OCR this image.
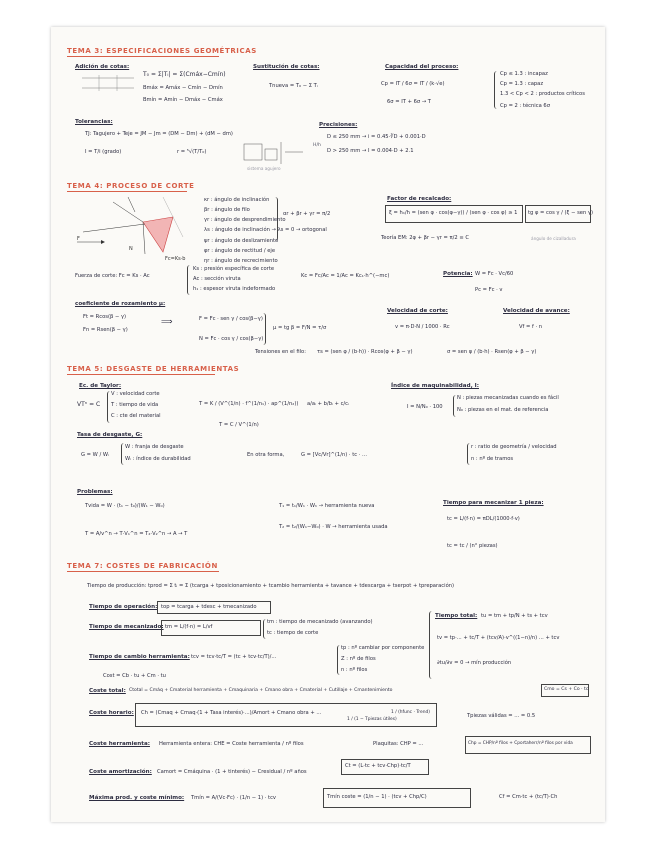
TEMA 3: ESPECIFICACIONES GEOMÉTRICAS
Adición de cotas:
T₀ = Σ|Tᵢ| = Σ(Cmáx−Cmín)
Bmáx = Amáx − Cmín − Dmín
Bmín = Amín − Dmáx − Cmáx
Sustitución de cotas:
Tnueva = T₀ − Σ Tᵢ
Capacidad del proceso:
Cp = IT / 6σ = IT / (k·√e)
Cp ≤ 1.3 : incapaz
Cp = 1.3 : capaz
1.3 < Cp < 2 : productos críticos
Cp = 2 : técnica 6σ
6σ = IT + 6σ → T
Tolerancias:
TJ: Tagujero + Teje = JM − Jm = (DM − Dm) + (dM − dm)
I = T/i (grado)	r = ⁵√(T/T₀)
H/h
sistema agujero
Precisiones:
D ≤ 250 mm → i = 0.45·∛D + 0.001·D
D > 250 mm → I = 0.004·D + 2.1
TEMA 4: PROCESO DE CORTE
F
N
Fc=Ks·b
κr : ángulo de inclinación
βr : ángulo de filo
γr : ángulo de desprendimiento
λs : ángulo de inclinación → λs = 0 → ortogonal
ψr : ángulo de deslizamiento
φr : ángulo de rectitud / eje
ηr : ángulo de recrecimiento
αr + βr + γr = π/2
Factor de recalcado:
ξ = h₁/h = (sen φ · cos(φ−γ)) / (sen φ · cos φ) ≥ 1 tg φ = cos γ / (ξ − sen γ)
Teoría EM: 2φ + βr − γr = π/2 ≡ C	ángulo de cizalladura
Fuerza de corte: Fc = Ks · Ac
Ks : presión específica de corte
Ac : sección viruta
h₁ : espesor viruta indeformado
Kc = Fc/Ac = 1/Ac = Kc₁·h^(−mc)	Potencia: W = Fc · Vc/60
Pc = Fc · v
coeficiente de rozamiento μ:
Ft = Rcos(β − γ)
Fn = Rsen(β − γ)
⟹	F = Fc · sen γ / cos(β−γ)
N = Fc · cos γ / cos(β−γ)
μ = tg β = F/N = τ/σ
Velocidad de corte:
v = π·D·N / 1000 · Rc
Velocidad de avance:
Vf = f · n
Tensiones en el filo: τs = (sen φ / (b·h)) · Rcos(φ + β − γ)	σ = sen φ / (b·h) · Rsen(φ + β − γ)
TEMA 5: DESGASTE DE HERRAMIENTAS
Ec. de Taylor:
VTⁿ = C
V : velocidad corte
T : tiempo de vida
C : cte del material
T = K / (V^(1/n) · f^(1/n₁) · ap^(1/n₂))
T = C / V^(1/n)
a/aᵢ + b/bᵢ + c/cᵢ
Índice de maquinabilidad, I:
I = N/N₀ · 100
N : piezas mecanizadas cuando es fácil
N₀ : piezas en el mat. de referencia
Tasa de desgaste, G:
G = W / Wᵢ
W : franja de desgaste
Wᵢ : índice de durabilidad
En otra forma,	G = [Vc/Vr]^(1/n) · tc · ...
r : ratio de geometría / velocidad
n : nº de tramos
Problemas:
Tvida = W · (t₁ − t₀)/(W₁ − W₀)	T₁ = t₁/W₁ · Wₕ → herramienta nueva
T₂ = t₂/(W₁−W₀) · W → herramienta usada
T = A/v^n → T·V₁^n = T₂·V₂^n → A → T
Tiempo para mecanizar 1 pieza:
tc = L/(f·n) = πDL/(1000·f·v)
tc = tc / (n° piezas)
TEMA 7: COSTES DE FABRICACIÓN
Tiempo de producción: tprod = Σ tᵢ = Σ (tcarga + tposicionamiento + tcambio herramienta + tavance + tdescarga + tserpot + tpreparación)
Tiempo de operación: top = tcarga + tdesc + tmecanizado
Tiempo de mecanizado: tm = L/(f·n) = L/vf
tm : tiempo de mecanizado (avanzando)
tc : tiempo de corte
Tiempo de cambio herramienta: tcv = tcv·tc/T = (tc + tcv·tc/T)/...
tp : nº cambiar por componente
Z : nº de filos
n : nº filos
Cost = Cb · tu + Cm · tu
Tiempo total: tu = tm + tp/N + ts + tcv
tv = tp·... + tc/T + (tcv/A)·v^((1−n)/n) ... + tcv
∂tu/∂v = 0 → mín producción
Coste total: Ctotal = Cmáq + Cmaterial herramienta + Cmaquinaria + Cmano obra + Cmaterial + Cutillaje + Cmantenimiento	Cmo = Cs + Co · tc
Coste horario: Ch = (Cmaq + Cmaq·(1 + Tasa interés)·...)/Amort + Cmano obra + ...
1 / (1 − Tpiezas útiles)
1 / (hfunc · Trend)
Tpiezas válidas = ... = 0.5
Coste herramienta: Herramienta entera: CHE = Coste herramienta / nº filos	Plaquitas: CHP = ...	Chp = CHP/nº filos + Cportaherr/nº filos por vida
Coste amortización: Camort = Cmáquina · (1 + tinterés) − Cresidual / nº años
Ct = (L·tc + tcv·Chp)·tc/T
Máxima prod. y coste mínimo: Tmín = A/(Vc·Fc) · (1/n − 1) · tcv	Tmín coste = (1/n − 1) · (tcv + Chp/C)	Cf = Cm·tc + (tc/T)·Ch
